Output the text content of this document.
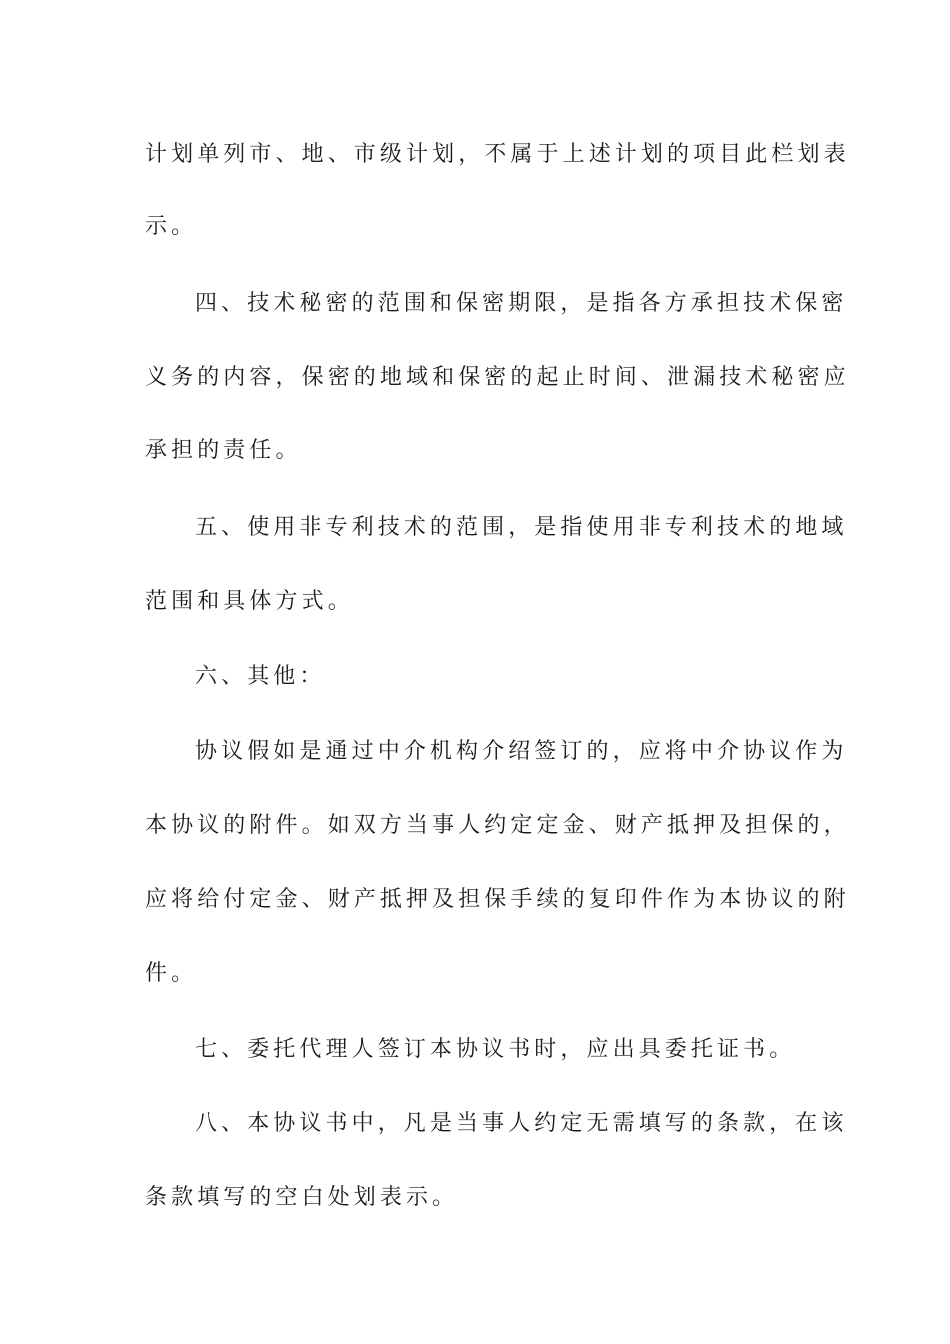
计划单列市、地、市级计划，不属于上述计划的项目此栏划表
示。
四、技术秘密的范围和保密期限，是指各方承担技术保密
义务的内容，保密的地域和保密的起止时间、泄漏技术秘密应
承担的责任。
五、使用非专利技术的范围，是指使用非专利技术的地域
范围和具体方式。
六、其他：
协议假如是通过中介机构介绍签订的，应将中介协议作为
本协议的附件。如双方当事人约定定金、财产抵押及担保的，
应将给付定金、财产抵押及担保手续的复印件作为本协议的附
件。
七、委托代理人签订本协议书时，应出具委托证书。
八、本协议书中，凡是当事人约定无需填写的条款，在该
条款填写的空白处划表示。
